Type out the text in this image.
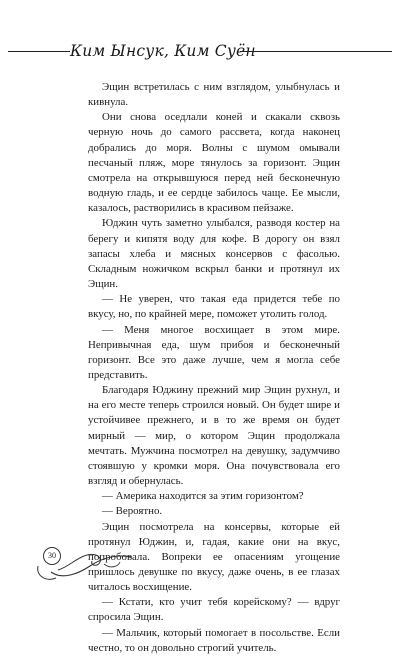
Ким Ынсук, Ким Суён

Эщин встретилась с ним взглядом, улыбнулась и кивнула.

Они снова оседлали коней и скакали сквозь черную ночь до самого рассвета, когда наконец добрались до моря. Волны с шумом омывали песчаный пляж, море тянулось за горизонт. Эщин смотрела на открывшуюся перед ней бесконечную водную гладь, и ее сердце забилось чаще. Ее мысли, казалось, растворились в красивом пейзаже.

Юджин чуть заметно улыбался, разводя костер на берегу и кипятя воду для кофе. В дорогу он взял запасы хлеба и мясных консервов с фасолью. Складным ножичком вскрыл банки и протянул их Эщин.

— Не уверен, что такая еда придется тебе по вкусу, но, по крайней мере, поможет утолить голод.

— Меня многое восхищает в этом мире. Непривычная еда, шум прибоя и бесконечный горизонт. Все это даже лучше, чем я могла себе представить.

Благодаря Юджину прежний мир Эщин рухнул, и на его месте теперь строился новый. Он будет шире и устойчивее прежнего, и в то же время он будет мирный — мир, о котором Эщин продолжала мечтать. Мужчина посмотрел на девушку, задумчиво стоявшую у кромки моря. Она почувствовала его взгляд и обернулась.

— Америка находится за этим горизонтом?

— Вероятно.

Эщин посмотрела на консервы, которые ей протянул Юджин, и, гадая, какие они на вкус, попробовала. Вопреки ее опасениям угощение пришлось девушке по вкусу, даже очень, в ее глазах читалось восхищение.

— Кстати, кто учит тебя корейскому? — вдруг спросила Эщин.

— Мальчик, который помогает в посольстве. Если честно, то он довольно строгий учитель.

30
